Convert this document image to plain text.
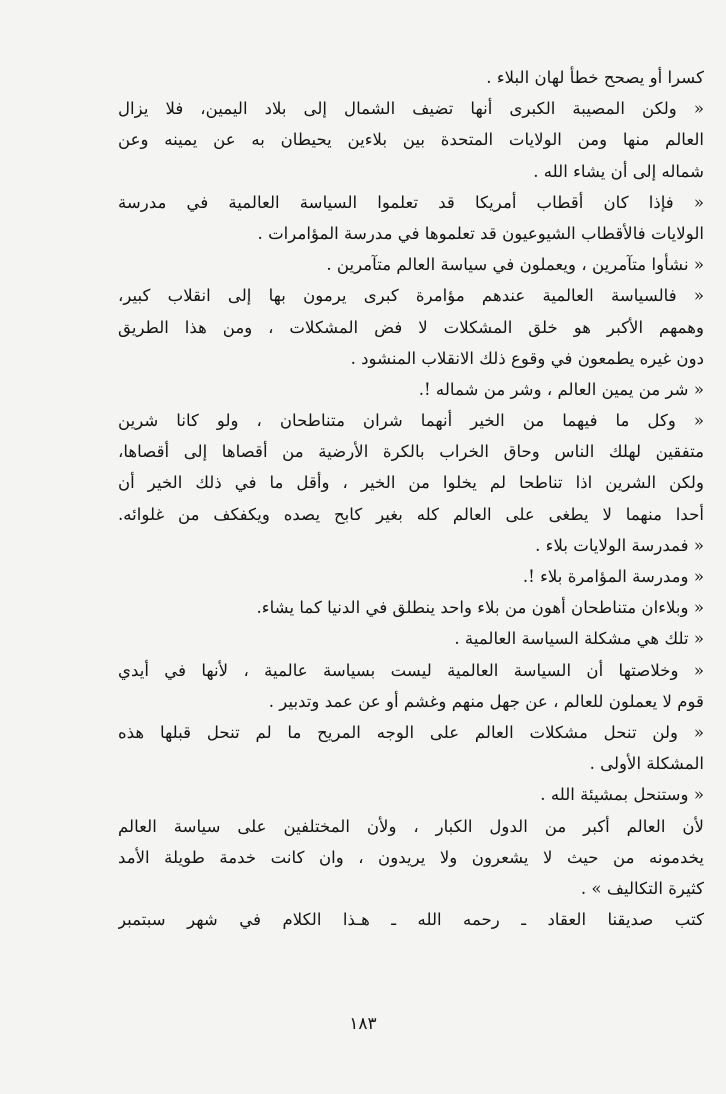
كسرا أو يصحح خطأ لهان البلاء .
« ولكن المصيبة الكبرى أنها تضيف الشمال إلى بلاد اليمين، فلا يزال
العالم منها ومن الولايات المتحدة بين بلاءين يحيطان به عن يمينه وعن
شماله إلى أن يشاء الله .
« فإذا كان أقطاب أمريكا قد تعلموا السياسة العالمية في مدرسة
الولايات فالأقطاب الشيوعيون قد تعلموها في مدرسة المؤامرات .
« نشأوا متآمرين ، ويعملون في سياسة العالم متآمرين .
« فالسياسة العالمية عندهم مؤامرة كبرى يرمون بها إلى انقلاب كبير،
وهمهم الأكبر هو خلق المشكلات لا فض المشكلات ، ومن هذا الطريق
دون غيره يطمعون في وقوع ذلك الانقلاب المنشود .
« شر من يمين العالم ، وشر من شماله !.
« وكل ما فيهما من الخير أنهما شران متناطحان ، ولو كانا شرين
متفقين لهلك الناس وحاق الخراب بالكرة الأرضية من أقصاها إلى أقصاها،
ولكن الشرين اذا تناطحا لم يخلوا من الخير ، وأقل ما في ذلك الخير أن
أحدا منهما لا يطغى على العالم كله بغير كابح يصده ويكفكف من غلوائه.
« فمدرسة الولايات بلاء .
« ومدرسة المؤامرة بلاء !.
« وبلاءان متناطحان أهون من بلاء واحد ينطلق في الدنيا كما يشاء.
« تلك هي مشكلة السياسة العالمية .
« وخلاصتها أن السياسة العالمية ليست بسياسة عالمية ، لأنها في أيدي
قوم لا يعملون للعالم ، عن جهل منهم وغشم أو عن عمد وتدبير .
« ولن تنحل مشكلات العالم على الوجه المريح ما لم تنحل قبلها هذه
المشكلة الأولى .
« وستنحل بمشيئة الله .
لأن العالم أكبر من الدول الكبار ، ولأن المختلفين على سياسة العالم
يخدمونه من حيث لا يشعرون ولا يريدون ، وان كانت خدمة طويلة الأمد
كثيرة التكاليف » .
كتب صديقنا العقاد ـ رحمه الله ـ هـذا الكلام في شهر سبتمبر
١٨٣
